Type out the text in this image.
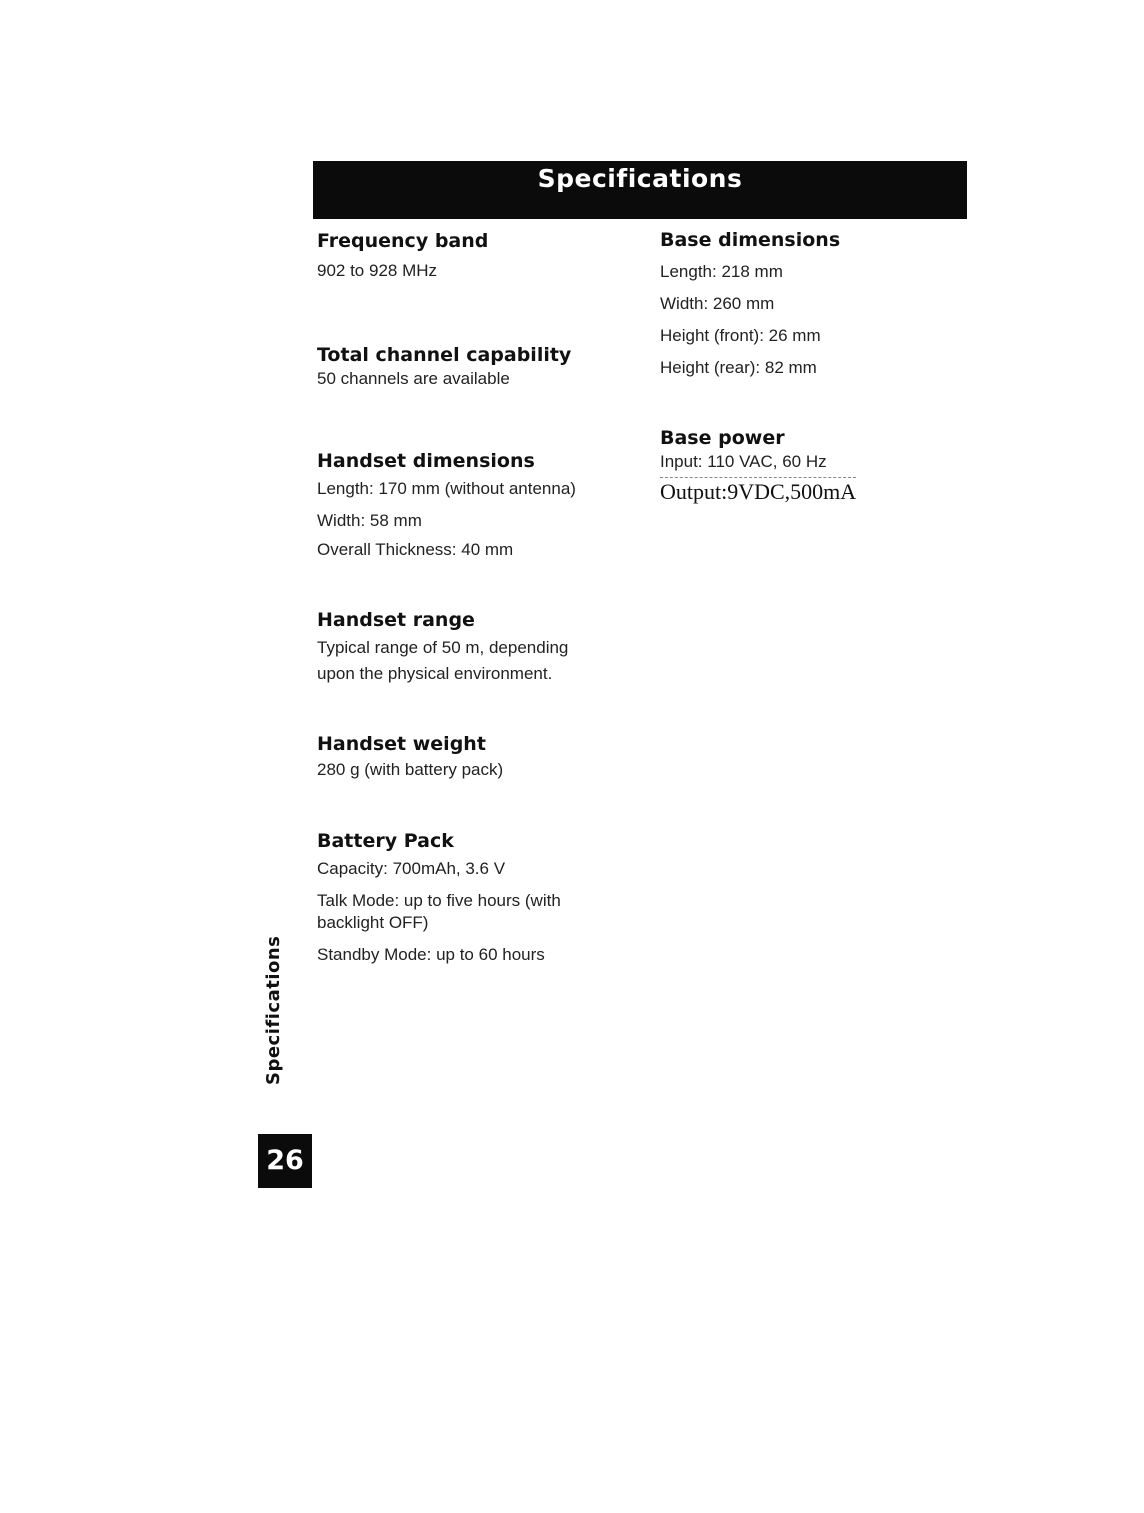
Specifications

Frequency band

902 to 928 MHz

Total channel capability

50 channels are available

Handset dimensions

Length: 170 mm (without antenna)

Width: 58 mm

Overall Thickness: 40 mm

Handset range

Typical range of 50 m, depending

upon the physical environment.

Handset weight

280 g (with battery pack)

Battery Pack

Capacity: 700mAh, 3.6 V

Talk Mode: up to five hours (with

backlight OFF)

Standby Mode: up to 60 hours

Base dimensions

Length: 218 mm

Width: 260 mm

Height (front): 26 mm

Height (rear): 82 mm

Base power

Input: 110 VAC, 60 Hz

Output:9VDC,500mA
Specifications
26
